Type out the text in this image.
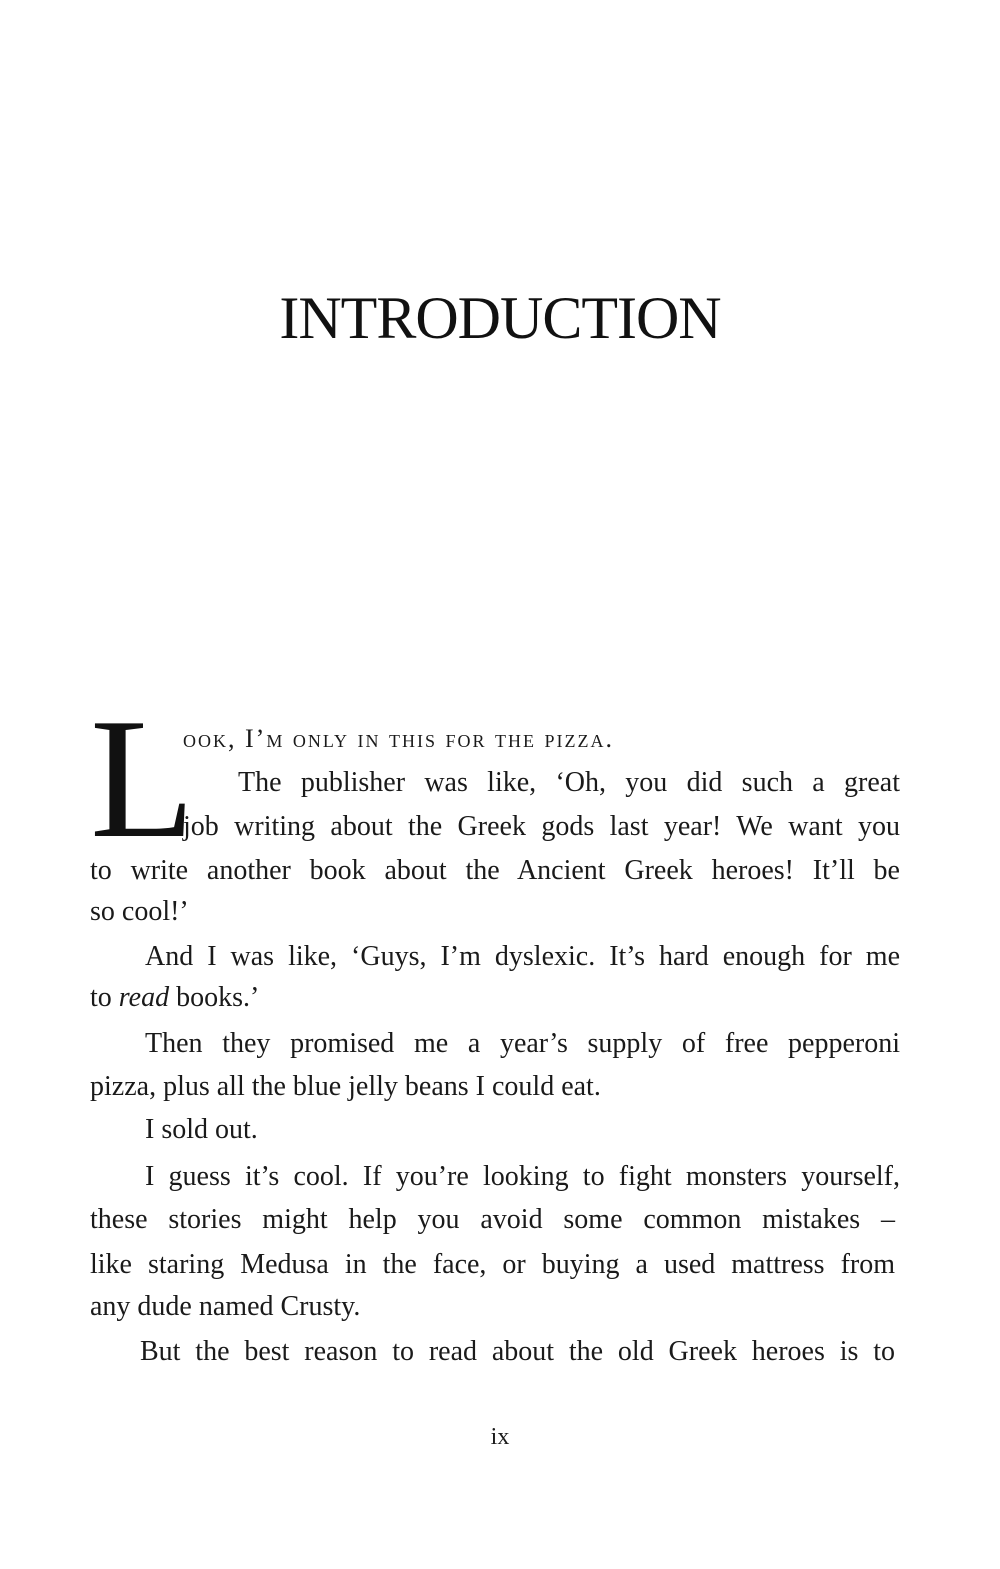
INTRODUCTION
L
ook, I’m only in this for the pizza.
The publisher was like, ‘Oh, you did such a great
job writing about the Greek gods last year! We want you
to write another book about the Ancient Greek heroes! It’ll be
so cool!’
And I was like, ‘Guys, I’m dyslexic. It’s hard enough for me
to read books.’
Then they promised me a year’s supply of free pepperoni
pizza, plus all the blue jelly beans I could eat.
I sold out.
I guess it’s cool. If you’re looking to fight monsters yourself,
these stories might help you avoid some common mistakes –
like staring Medusa in the face, or buying a used mattress from
any dude named Crusty.
But the best reason to read about the old Greek heroes is to
ix
